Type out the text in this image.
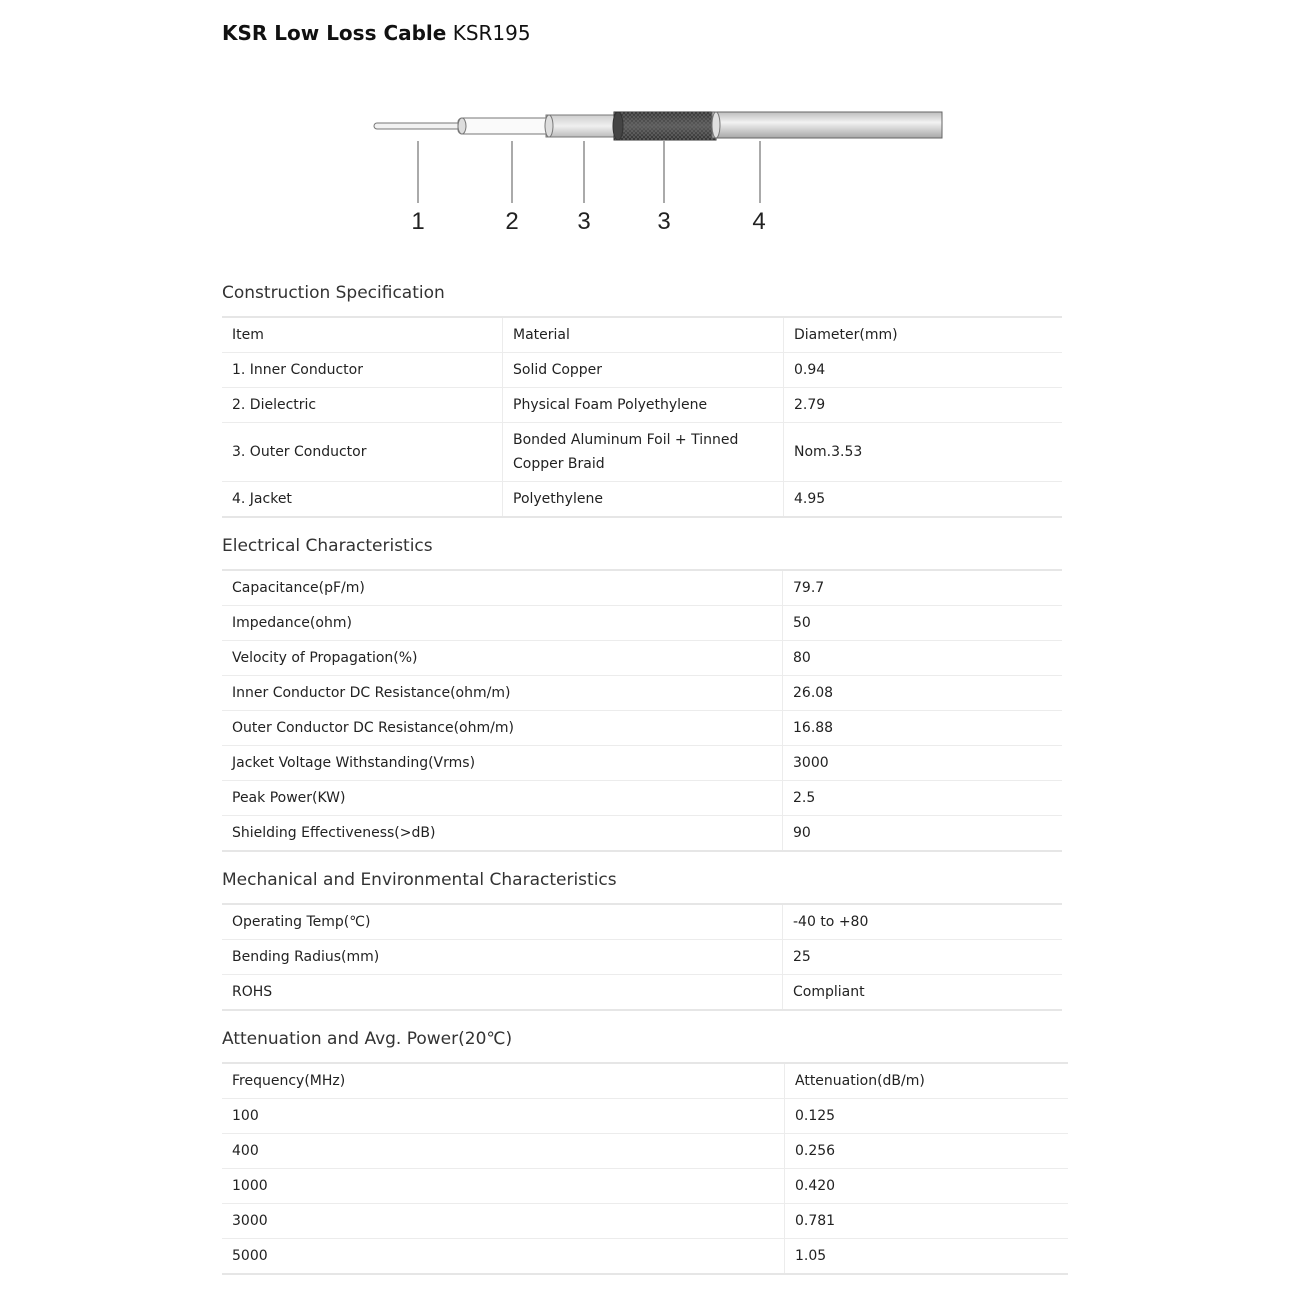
KSR Low Loss Cable KSR195
1	2 3	3	4
Construction Specification
Item	Material	Diameter(mm)
1. Inner Conductor	Solid Copper	0.94
2. Dielectric	Physical Foam Polyethylene	2.79
3. Outer Conductor	Bonded Aluminum Foil + Tinned Copper Braid	Nom.3.53
4. Jacket	Polyethylene	4.95
Electrical Characteristics
Capacitance(pF/m)	79.7
Impedance(ohm)	50
Velocity of Propagation(%)	80
Inner Conductor DC Resistance(ohm/m)	26.08
Outer Conductor DC Resistance(ohm/m)	16.88
Jacket Voltage Withstanding(Vrms)	3000
Peak Power(KW)	2.5
Shielding Effectiveness(>dB)	90
Mechanical and Environmental Characteristics
Operating Temp(℃)	-40 to +80
Bending Radius(mm)	25
ROHS	Compliant
Attenuation and Avg. Power(20℃)
Frequency(MHz)	Attenuation(dB/m)
100	0.125
400	0.256
1000	0.420
3000	0.781
5000	1.05
